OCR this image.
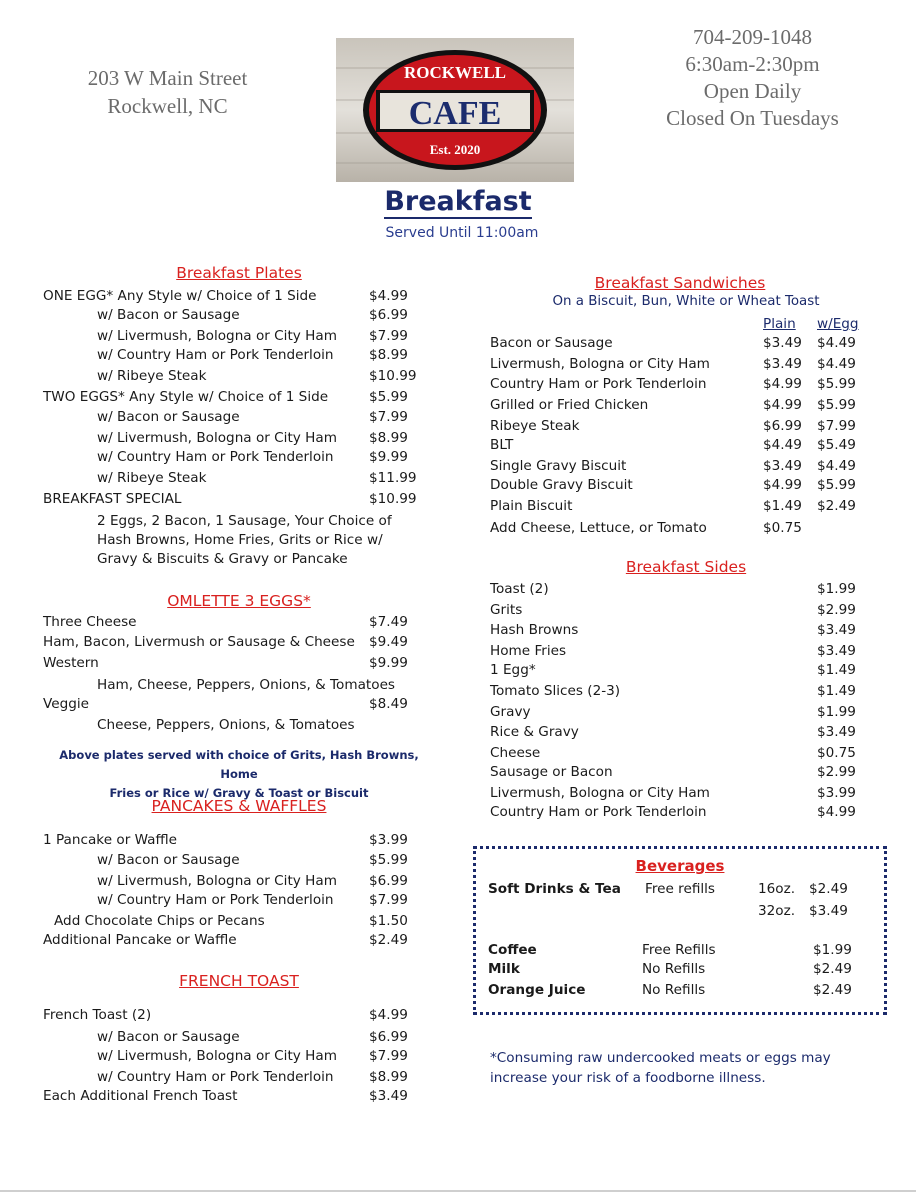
203 W Main Street
Rockwell, NC
ROCKWELL
CAFE
Est. 2020
704-209-1048
6:30am-2:30pm
Open Daily
Closed On Tuesdays
Breakfast
Served Until 11:00am
Breakfast Plates
ONE EGG* Any Style w/ Choice of 1 Side	$4.99
w/ Bacon or Sausage	$6.99
w/ Livermush, Bologna or City Ham $7.99
w/ Country Ham or Pork Tenderloin	$8.99
w/ Ribeye Steak	$10.99
TWO EGGS* Any Style w/ Choice of 1 Side	$5.99
w/ Bacon or Sausage	$7.99
w/ Livermush, Bologna or City Ham $8.99
w/ Country Ham or Pork Tenderloin	$9.99
w/ Ribeye Steak	$11.99
BREAKFAST SPECIAL	$10.99
2 Eggs, 2 Bacon, 1 Sausage, Your Choice of Hash Browns, Home Fries, Grits or Rice w/ Gravy & Biscuits & Gravy or Pancake
OMLETTE 3 EGGS*
Three Cheese	$7.49
Ham, Bacon, Livermush or Sausage & Cheese $9.49
Western	$9.99
Ham, Cheese, Peppers, Onions, & Tomatoes
Veggie	$8.49
Cheese, Peppers, Onions, & Tomatoes
Above plates served with choice of Grits, Hash Browns, Home
Fries or Rice w/ Gravy & Toast or Biscuit
PANCAKES & WAFFLES
1 Pancake or Waffle	$3.99
w/ Bacon or Sausage	$5.99
w/ Livermush, Bologna or City Ham $6.99
w/ Country Ham or Pork Tenderloin	$7.99
Add Chocolate Chips or Pecans	$1.50
Additional Pancake or Waffle	$2.49
FRENCH TOAST
French Toast (2)	$4.99
w/ Bacon or Sausage	$6.99
w/ Livermush, Bologna or City Ham $7.99
w/ Country Ham or Pork Tenderloin	$8.99
Each Additional French Toast	$3.49
Breakfast Sandwiches
On a Biscuit, Bun, White or Wheat Toast
Plain w/Egg
Bacon or Sausage	$3.49 $4.49
Livermush, Bologna or City Ham	$3.49 $4.49
Country Ham or Pork Tenderloin	$4.99 $5.99
Grilled or Fried Chicken	$4.99 $5.99
Ribeye Steak	$6.99 $7.99
BLT	$4.49 $5.49
Single Gravy Biscuit	$3.49 $4.49
Double Gravy Biscuit	$4.99 $5.99
Plain Biscuit	$1.49 $2.49
Add Cheese, Lettuce, or Tomato	$0.75
Breakfast Sides
Toast (2)	$1.99
Grits	$2.99
Hash Browns	$3.49
Home Fries	$3.49
1 Egg*	$1.49
Tomato Slices (2-3)	$1.49
Gravy	$1.99
Rice & Gravy	$3.49
Cheese	$0.75
Sausage or Bacon	$2.99
Livermush, Bologna or City Ham	$3.99
Country Ham or Pork Tenderloin	$4.99
Beverages
Soft Drinks & Tea Free refills	16oz. $2.49
32oz. $3.49
Coffee	Free Refills	$1.99
Milk	No Refills	$2.49
Orange Juice	No Refills	$2.49
*Consuming raw undercooked meats or eggs may
increase your risk of a foodborne illness.
